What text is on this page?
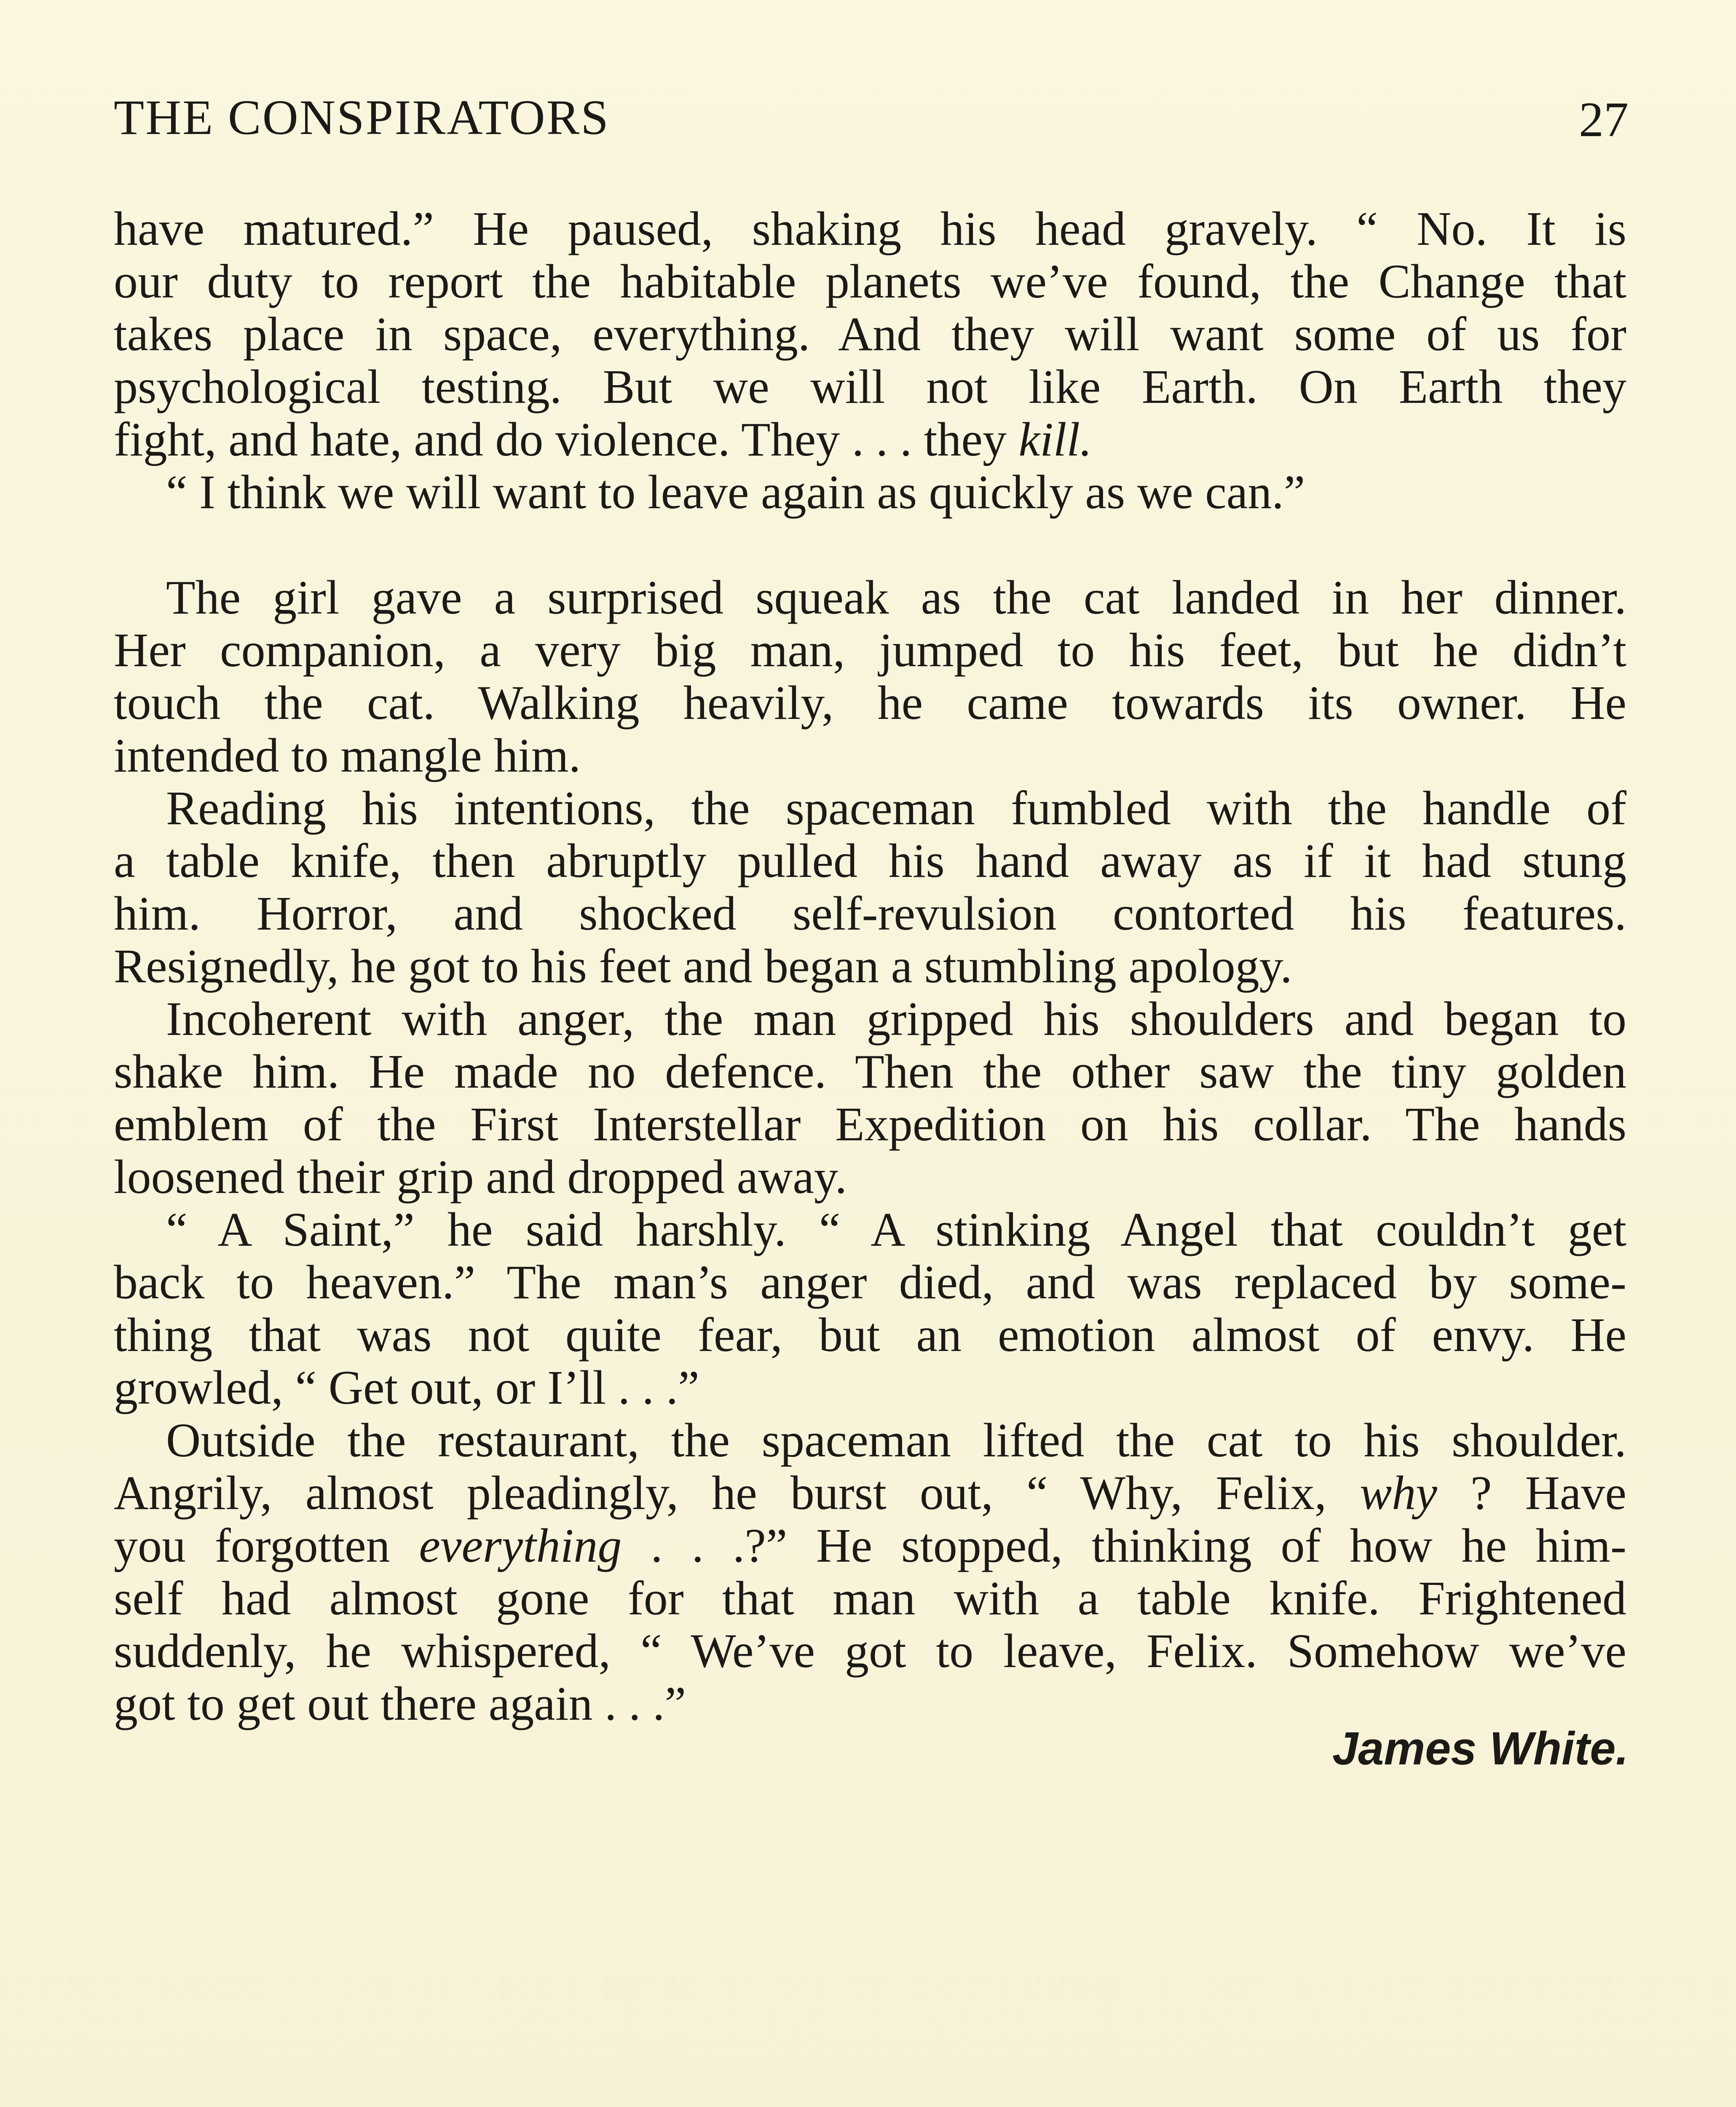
THE CONSPIRATORS	27
have matured.” He paused, shaking his head gravely. “ No. It is
our duty to report the habitable planets we’ve found, the Change that
takes place in space, everything. And they will want some of us for
psychological testing. But we will not like Earth. On Earth they
fight, and hate, and do violence. They . . . they kill.
“ I think we will want to leave again as quickly as we can.”
The girl gave a surprised squeak as the cat landed in her dinner.
Her companion, a very big man, jumped to his feet, but he didn’t
touch the cat. Walking heavily, he came towards its owner. He
intended to mangle him.
Reading his intentions, the spaceman fumbled with the handle of
a table knife, then abruptly pulled his hand away as if it had stung
him. Horror, and shocked self-revulsion contorted his features.
Resignedly, he got to his feet and began a stumbling apology.
Incoherent with anger, the man gripped his shoulders and began to
shake him. He made no defence. Then the other saw the tiny golden
emblem of the First Interstellar Expedition on his collar. The hands
loosened their grip and dropped away.
“ A Saint,” he said harshly. “ A stinking Angel that couldn’t get
back to heaven.” The man’s anger died, and was replaced by some-
thing that was not quite fear, but an emotion almost of envy. He
growled, “ Get out, or I’ll . . .”
Outside the restaurant, the spaceman lifted the cat to his shoulder.
Angrily, almost pleadingly, he burst out, “ Why, Felix, why ? Have
you forgotten everything . . .?” He stopped, thinking of how he him-
self had almost gone for that man with a table knife. Frightened
suddenly, he whispered, “ We’ve got to leave, Felix. Somehow we’ve
got to get out there again . . .”
James White.
